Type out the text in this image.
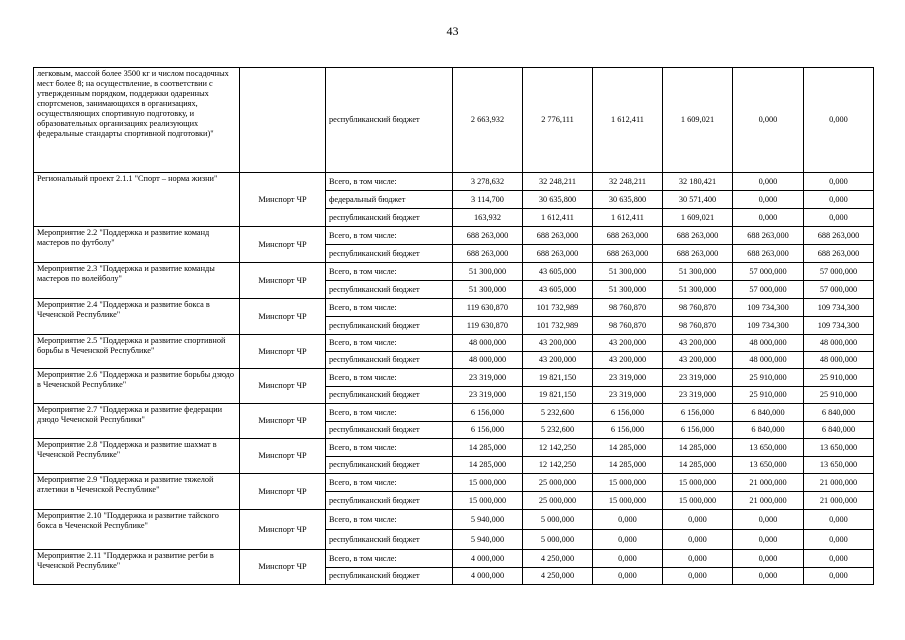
43
легковым, массой более 3500 кг и числом посадочных мест более 8; на осуществление, в соответствии с утвержденным порядком, поддержки одаренных спортсменов, занимающихся в организациях, осуществляющих спортивную подготовку, и образовательных организациях реализующих федеральные стандарты спортивной подготовки)"		республиканский бюджет	2 663,932	2 776,111	1 612,411	1 609,021	0,000	0,000
Региональный проект 2.1.1 "Спорт – норма жизни"	Минспорт ЧР	Всего, в том числе:	3 278,632	32 248,211	32 248,211	32 180,421	0,000	0,000
		федеральный бюджет	3 114,700	30 635,800	30 635,800	30 571,400	0,000	0,000
		республиканский бюджет	163,932	1 612,411	1 612,411	1 609,021	0,000	0,000
Мероприятие 2.2 "Поддержка и развитие команд мастеров по футболу"	Минспорт ЧР	Всего, в том числе:	688 263,000	688 263,000	688 263,000	688 263,000	688 263,000	688 263,000
		республиканский бюджет	688 263,000	688 263,000	688 263,000	688 263,000	688 263,000	688 263,000
Мероприятие 2.3 "Поддержка и развитие команды мастеров по волейболу"	Минспорт ЧР	Всего, в том числе:	51 300,000	43 605,000	51 300,000	51 300,000	57 000,000	57 000,000
		республиканский бюджет	51 300,000	43 605,000	51 300,000	51 300,000	57 000,000	57 000,000
Мероприятие 2.4 "Поддержка и развитие бокса в Чеченской Республике"	Минспорт ЧР	Всего, в том числе:	119 630,870	101 732,989	98 760,870	98 760,870	109 734,300	109 734,300
		республиканский бюджет	119 630,870	101 732,989	98 760,870	98 760,870	109 734,300	109 734,300
Мероприятие 2.5 "Поддержка и развитие спортивной борьбы в Чеченской Республике"	Минспорт ЧР	Всего, в том числе:	48 000,000	43 200,000	43 200,000	43 200,000	48 000,000	48 000,000
		республиканский бюджет	48 000,000	43 200,000	43 200,000	43 200,000	48 000,000	48 000,000
Мероприятие 2.6 "Поддержка и развитие борьбы дзюдо в Чеченской Республике"	Минспорт ЧР	Всего, в том числе:	23 319,000	19 821,150	23 319,000	23 319,000	25 910,000	25 910,000
		республиканский бюджет	23 319,000	19 821,150	23 319,000	23 319,000	25 910,000	25 910,000
Мероприятие 2.7 "Поддержка и развитие федерации дзюдо Чеченской Республики"	Минспорт ЧР	Всего, в том числе:	6 156,000	5 232,600	6 156,000	6 156,000	6 840,000	6 840,000
		республиканский бюджет	6 156,000	5 232,600	6 156,000	6 156,000	6 840,000	6 840,000
Мероприятие 2.8 "Поддержка и развитие шахмат в Чеченской Республике"	Минспорт ЧР	Всего, в том числе:	14 285,000	12 142,250	14 285,000	14 285,000	13 650,000	13 650,000
		республиканский бюджет	14 285,000	12 142,250	14 285,000	14 285,000	13 650,000	13 650,000
Мероприятие 2.9 "Поддержка и развитие тяжелой атлетики в Чеченской Республике"	Минспорт ЧР	Всего, в том числе:	15 000,000	25 000,000	15 000,000	15 000,000	21 000,000	21 000,000
		республиканский бюджет	15 000,000	25 000,000	15 000,000	15 000,000	21 000,000	21 000,000
Мероприятие 2.10 "Поддержка и развитие тайского бокса в Чеченской Республике"	Минспорт ЧР	Всего, в том числе:	5 940,000	5 000,000	0,000	0,000	0,000	0,000
		республиканский бюджет	5 940,000	5 000,000	0,000	0,000	0,000	0,000
Мероприятие 2.11 "Поддержка и развитие регби в Чеченской Республике"	Минспорт ЧР	Всего, в том числе:	4 000,000	4 250,000	0,000	0,000	0,000	0,000
		республиканский бюджет	4 000,000	4 250,000	0,000	0,000	0,000	0,000
